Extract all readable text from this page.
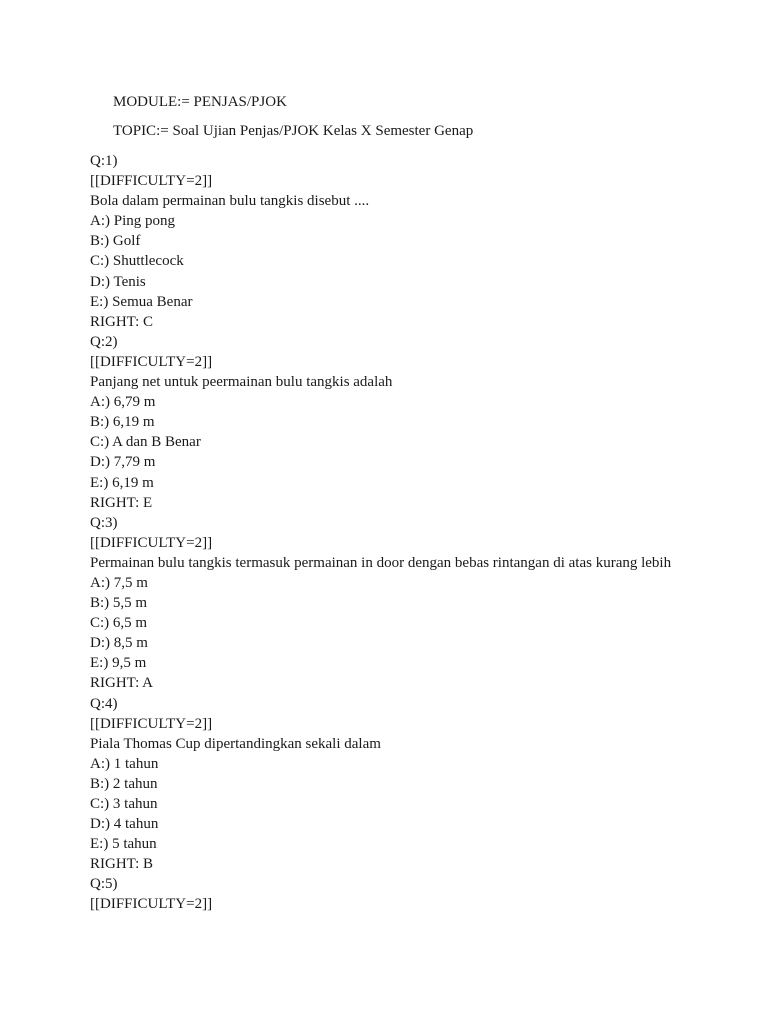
MODULE:= PENJAS/PJOK
TOPIC:= Soal Ujian Penjas/PJOK Kelas X Semester Genap
Q:1)
[[DIFFICULTY=2]]
Bola dalam permainan bulu tangkis disebut ....
A:) Ping pong
B:) Golf
C:) Shuttlecock
D:) Tenis
E:) Semua Benar
RIGHT: C
Q:2)
[[DIFFICULTY=2]]
Panjang net untuk peermainan bulu tangkis adalah
A:) 6,79 m
B:) 6,19 m
C:) A dan B Benar
D:) 7,79 m
E:) 6,19 m
RIGHT: E
Q:3)
[[DIFFICULTY=2]]
Permainan bulu tangkis termasuk permainan in door dengan bebas rintangan di atas kurang lebih
A:) 7,5 m
B:) 5,5 m
C:) 6,5 m
D:) 8,5 m
E:) 9,5 m
RIGHT: A
Q:4)
[[DIFFICULTY=2]]
Piala Thomas Cup dipertandingkan sekali dalam
A:) 1 tahun
B:) 2 tahun
C:) 3 tahun
D:) 4 tahun
E:) 5 tahun
RIGHT: B
Q:5)
[[DIFFICULTY=2]]
